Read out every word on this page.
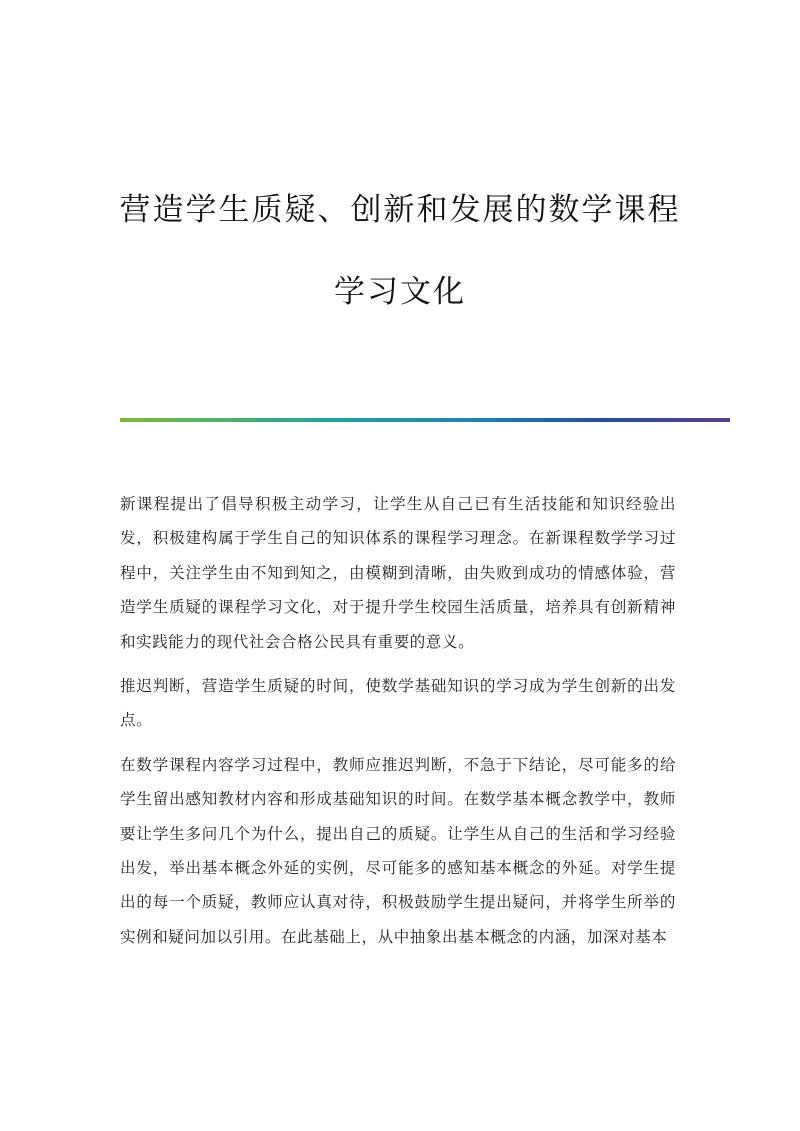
营造学生质疑、创新和发展的数学课程
学习文化

新课程提出了倡导积极主动学习，让学生从自己已有生活技能和知识经验出发，积极建构属于学生自己的知识体系的课程学习理念。在新课程数学学习过程中，关注学生由不知到知之，由模糊到清晰，由失败到成功的情感体验，营造学生质疑的课程学习文化，对于提升学生校园生活质量，培养具有创新精神和实践能力的现代社会合格公民具有重要的意义。

推迟判断，营造学生质疑的时间，使数学基础知识的学习成为学生创新的出发点。

在数学课程内容学习过程中，教师应推迟判断，不急于下结论，尽可能多的给学生留出感知教材内容和形成基础知识的时间。在数学基本概念教学中，教师要让学生多问几个为什么，提出自己的质疑。让学生从自己的生活和学习经验出发，举出基本概念外延的实例，尽可能多的感知基本概念的外延。对学生提出的每一个质疑，教师应认真对待，积极鼓励学生提出疑问，并将学生所举的实例和疑问加以引用。在此基础上，从中抽象出基本概念的内涵，加深对基本
